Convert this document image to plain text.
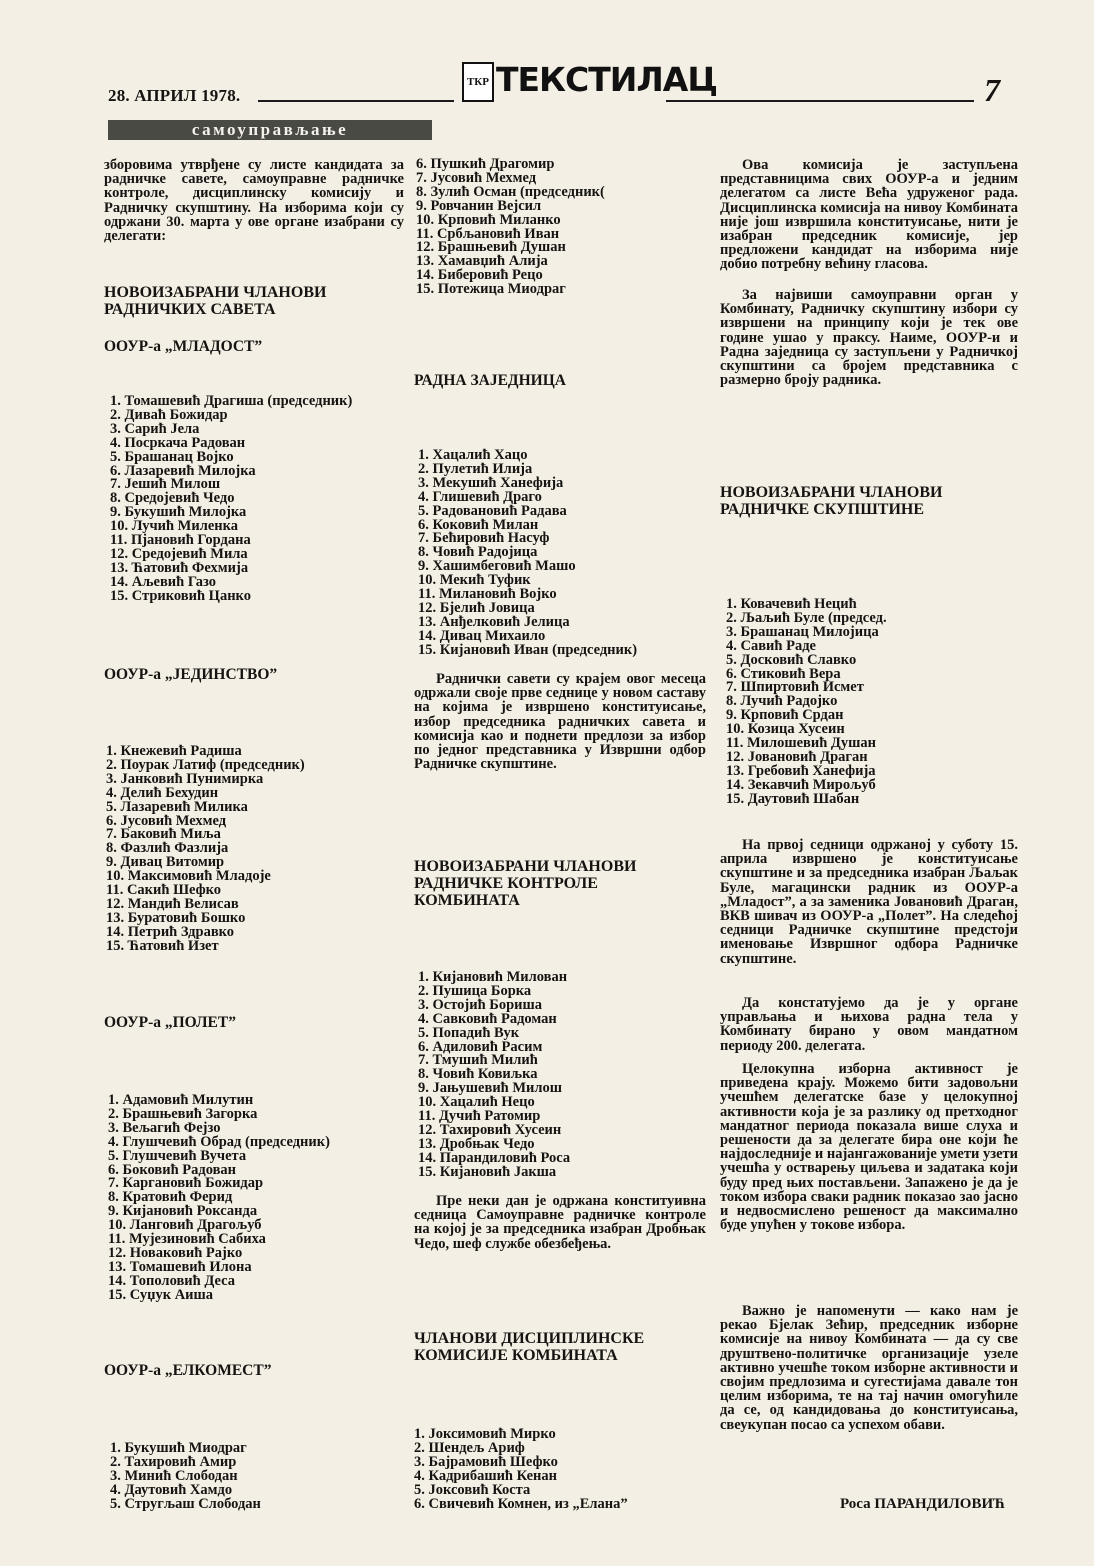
28. АПРИЛ 1978.
ТКР ТЕКСТИЛАЦ	7
самоуправљање

зборовима утврђене су листе кандидата за радничке савете, самоуправне радничке контроле, дисциплинску комисију и Радничку скупштину. На изборима који су одржани 30. марта у ове органе изабрани су делегати:

НОВОИЗАБРАНИ ЧЛАНОВИ РАДНИЧКИХ САВЕТА

ООУР-а „МЛАДОСТ”

1. Томашевић Драгиша (председник)
2. Диваћ Божидар
3. Сарић Јела
4. Посркача Радован
5. Брашанац Војко
6. Лазаревић Милојка
7. Јешић Милош
8. Средојевић Чедо
9. Букушић Милојка
10. Лучић Миленка
11. Пјановић Гордана
12. Средојевић Мила
13. Ћатовић Фехмија
14. Аљевић Газо
15. Стриковић Цанко

ООУР-а „ЈЕДИНСТВО”

1. Кнежевић Радиша
2. Поурак Латиф (председник)
3. Јанковић Пунимирка
4. Делић Бехудин
5. Лазаревић Милика
6. Јусовић Мехмед
7. Баковић Миља
8. Фазлић Фазлија
9. Дивац Витомир
10. Максимовић Младоје
11. Сакић Шефко
12. Мандић Велисав
13. Буратовић Бошко
14. Петрић Здравко
15. Ћатовић Изет

ООУР-а „ПОЛЕТ”

1. Адамовић Милутин
2. Брашњевић Загорка
3. Вељагић Фејзо
4. Глушчевић Обрад (председник)
5. Глушчевић Вучета
6. Боковић Радован
7. Каргановић Божидар
8. Кратовић Ферид
9. Кијановић Роксанда
10. Ланговић Драгољуб
11. Мујезиновић Сабиха
12. Новаковић Рајко
13. Томашевић Илона
14. Тополовић Деса
15. Суџук Аиша

ООУР-а „ЕЛКОМЕСТ”

1. Букушић Миодраг
2. Тахировић Амир
3. Минић Слободан
4. Даутовић Хамдо
5. Стругљаш Слободан
6. Пушкић Драгомир
7. Јусовић Мехмед
8. Зулић Осман (председник(
9. Ровчанин Вејсил
10. Крповић Миланко
11. Србљановић Иван
12. Брашњевић Душан
13. Хамавџић Алија
14. Биберовић Рецо
15. Потежица Миодраг

РАДНА ЗАЈЕДНИЦА

1. Хацалић Хацо
2. Пулетић Илија
3. Мекушић Ханефија
4. Глишевић Драго
5. Радовановић Радава
6. Коковић Милан
7. Бећировић Насуф
8. Човић Радојица
9. Хашимбеговић Машо
10. Мекић Туфик
11. Милановић Војко
12. Бјелић Јовица
13. Анђелковић Јелица
14. Дивац Михаило
15. Кијановић Иван (председник)

Раднички савети су крајем овог месеца одржали своје прве седнице у новом саставу на којима је извршено конституисање, избор председника радничких савета и комисија као и поднети предлози за избор по једног представника у Извршни одбор Радничке скупштине.

НОВОИЗАБРАНИ ЧЛАНОВИ РАДНИЧКЕ КОНТРОЛЕ КОМБИНАТА

1. Кијановић Милован
2. Пушица Борка
3. Остојић Бориша
4. Савковић Радоман
5. Попадић Вук
6. Адиловић Расим
7. Тмушић Милић
8. Човић Ковиљка
9. Јањушевић Милош
10. Хацалић Нецо
11. Дучић Ратомир
12. Тахировић Хусеин
13. Дробњак Чедо
14. Парандиловић Роса
15. Кијановић Јакша

Пре неки дан је одржана конституивна седница Самоуправне радничке контроле на којој је за председника изабран Дробњак Чедо, шеф службе обезбеђења.

ЧЛАНОВИ ДИСЦИПЛИНСКЕ КОМИСИЈЕ КОМБИНАТА

1. Јоксимовић Мирко
2. Шендељ Ариф
3. Бајрамовић Шефко
4. Кадрибашић Кенан
5. Јоксовић Коста
6. Свичевић Комнен, из „Елана”

Ова комисија је заступљена представницима свих ООУР-а и једним делегатом са листе Већа удруженог рада. Дисциплинска комисија на нивоу Комбината није још извршила конституисање, нити је изабран председник комисије, јер предложени кандидат на изборима није добио потребну већину гласова.

За највиши самоуправни орган у Комбинату, Радничку скупштину избори су извршени на принципу који је тек ове године ушао у праксу. Наиме, ООУР-и и Радна заједница су заступљени у Радничкој скупштини са бројем представника с размерно броју радника.

НОВОИЗАБРАНИ ЧЛАНОВИ РАДНИЧКЕ СКУПШТИНЕ

1. Ковачевић Нецић
2. Љаљић Буле (председ.
3. Брашанац Милојица
4. Савић Раде
5. Досковић Славко
6. Стиковић Вера
7. Шпиртовић Исмет
8. Лучић Радојко
9. Крповић Срдан
10. Козица Хусеин
11. Милошевић Душан
12. Јовановић Драган
13. Гребовић Ханефија
14. Зекавчић Мирољуб
15. Даутовић Шабан

На првој седници одржаној у суботу 15. априла извршено је конституисање скупштине и за председника изабран Љаљак Буле, магацински радник из ООУР-а „Младост”, а за заменика Јовановић Драган, ВКВ шивач из ООУР-а „Полет”. На следећој седници Радничке скупштине предстоји именовање Извршног одбора Радничке скупштине.

Да констатујемо да је у органе управљања и њихова радна тела у Комбинату бирано у овом мандатном периоду 200. делегата.

Целокупна изборна активност је приведена крају. Можемо бити задовољни учешћем делегатске базе у целокупној активности која је за разлику од претходног мандатног периода показала више слуха и решености да за делегате бира оне који ће најдоследније и најангажованије умети узети учешћа у остварењу циљева и задатака који буду пред њих постављени. Запажено је да је током избора сваки радник показао зао јасно и недвосмислено решеност да максимално буде упућен у токове избора.

Важно је напоменути — како нам је рекао Бјелак Зећир, председник изборне комисије на нивоу Комбината — да су све друштвено-политичке организације узеле активно учешће током изборне активности и својим предлозима и сугестијама давале тон целим изборима, те на тај начин омогућиле да се, од кандидовања до конституисања, свеукупан посао са успехом обави.

Роса ПАРАНДИЛОВИЋ
